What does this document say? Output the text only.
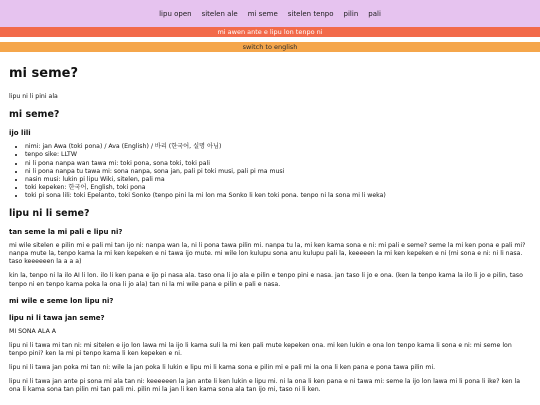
lipu open sitelen ale mi seme sitelen tenpo pilin pali
mi awen ante e lipu lon tenpo ni
switch to english
mi seme?

lipu ni li pini ala

mi seme?
ijo lili
• nimi: jan Awa (toki pona) / Ava (English) / 바리 (한국어, 실명 아님)
• tenpo sike: LLTW
• ni li pona nanpa wan tawa mi: toki pona, sona toki, toki pali
• ni li pona nanpa tu tawa mi: sona nanpa, sona jan, pali pi toki musi, pali pi ma musi
• nasin musi: lukin pi lipu Wiki, sitelen, pali ma
• toki kepeken: 한국어, English, toki pona
• toki pi sona lili: toki Epelanto, toki Sonko (tenpo pini la mi lon ma Sonko li ken toki pona. tenpo ni la sona mi li weka)
lipu ni li seme?
tan seme la mi pali e lipu ni?

mi wile sitelen e pilin mi e pali mi tan ijo ni: nanpa wan la, ni li pona tawa pilin mi. nanpa tu la, mi ken kama sona e ni: mi pali e seme? seme la mi ken pona e pali mi? nanpa mute la, tenpo kama la mi ken kepeken e ni tawa ijo mute. mi wile lon kulupu sona anu kulupu pali la, keeeeen la mi ken kepeken e ni (mi sona e ni: ni li nasa. taso keeeeeen la a a a)

kin la, tenpo ni la ilo AI li lon. ilo li ken pana e ijo pi nasa ala. taso ona li jo ala e pilin e tenpo pini e nasa. jan taso li jo e ona. (ken la tenpo kama la ilo li jo e pilin, taso tenpo ni en tenpo kama poka la ona li jo ala) tan ni la mi wile pana e pilin e pali e nasa.

mi wile e seme lon lipu ni?
lipu ni li tawa jan seme?

MI SONA ALA A

lipu ni li tawa mi tan ni: mi sitelen e ijo lon lawa mi la ijo li kama suli la mi ken pali mute kepeken ona. mi ken lukin e ona lon tenpo kama li sona e ni: mi seme lon tenpo pini? ken la mi pi tenpo kama li ken kepeken e ni.

lipu ni li tawa jan poka mi tan ni: wile la jan poka li lukin e lipu mi li kama sona e pilin mi e pali mi la ona li ken pana e pona tawa pilin mi.

lipu ni li tawa jan ante pi sona mi ala tan ni: keeeeeen la jan ante li ken lukin e lipu mi. ni la ona li ken pana e ni tawa mi: seme la ijo lon lawa mi li pona li ike? ken la ona li kama sona tan pilin mi tan pali mi. pilin mi la jan li ken kama sona ala tan ijo mi, taso ni li ken.
